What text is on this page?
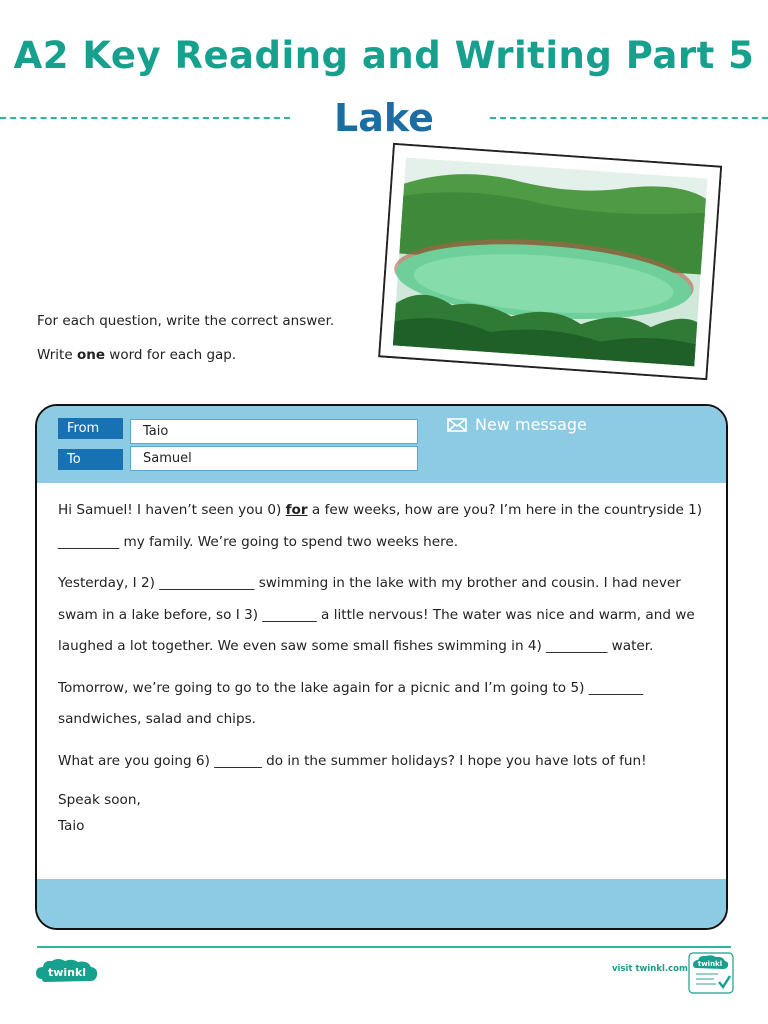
A2 Key Reading and Writing Part 5
Lake
For each question, write the correct answer.
Write one word for each gap.
From	Taio
To	Samuel
New message

Hi Samuel! I haven’t seen you 0) for a few weeks, how are you? I’m here in the countryside 1) _________ my family. We’re going to spend two weeks here.

Yesterday, I 2) ______________ swimming in the lake with my brother and cousin. I had never swam in a lake before, so I 3) ________ a little nervous! The water was nice and warm, and we laughed a lot together. We even saw some small fishes swimming in 4) _________ water.

Tomorrow, we’re going to go to the lake again for a picnic and I’m going to 5) ________ sandwiches, salad and chips.

What are you going 6) _______ do in the summer holidays? I hope you have lots of fun!

Speak soon,
Taio
twinkl	visit twinkl.com twinkl
